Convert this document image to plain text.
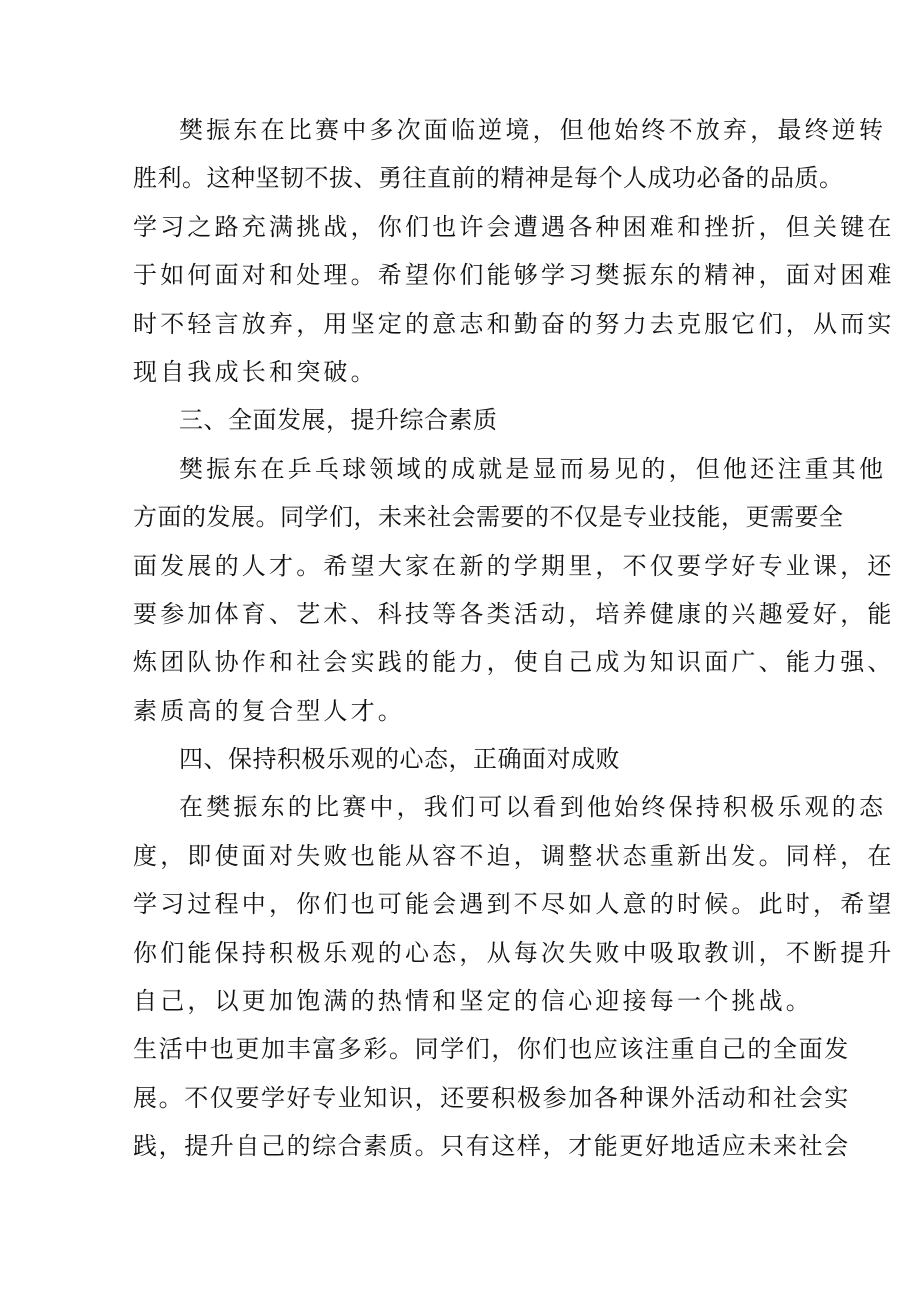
樊振东在比赛中多次面临逆境，但他始终不放弃，最终逆转
胜利。这种坚韧不拔、勇往直前的精神是每个人成功必备的品质。
学习之路充满挑战，你们也许会遭遇各种困难和挫折，但关键在
于如何面对和处理。希望你们能够学习樊振东的精神，面对困难
时不轻言放弃，用坚定的意志和勤奋的努力去克服它们，从而实
现自我成长和突破。
三、全面发展，提升综合素质
樊振东在乒乓球领域的成就是显而易见的，但他还注重其他
方面的发展。同学们，未来社会需要的不仅是专业技能，更需要全
面发展的人才。希望大家在新的学期里，不仅要学好专业课，还
要参加体育、艺术、科技等各类活动，培养健康的兴趣爱好，能
炼团队协作和社会实践的能力，使自己成为知识面广、能力强、
素质高的复合型人才。
四、保持积极乐观的心态，正确面对成败
在樊振东的比赛中，我们可以看到他始终保持积极乐观的态
度，即使面对失败也能从容不迫，调整状态重新出发。同样，在
学习过程中，你们也可能会遇到不尽如人意的时候。此时，希望
你们能保持积极乐观的心态，从每次失败中吸取教训，不断提升
自己，以更加饱满的热情和坚定的信心迎接每一个挑战。
生活中也更加丰富多彩。同学们，你们也应该注重自己的全面发
展。不仅要学好专业知识，还要积极参加各种课外活动和社会实
践，提升自己的综合素质。只有这样，才能更好地适应未来社会
